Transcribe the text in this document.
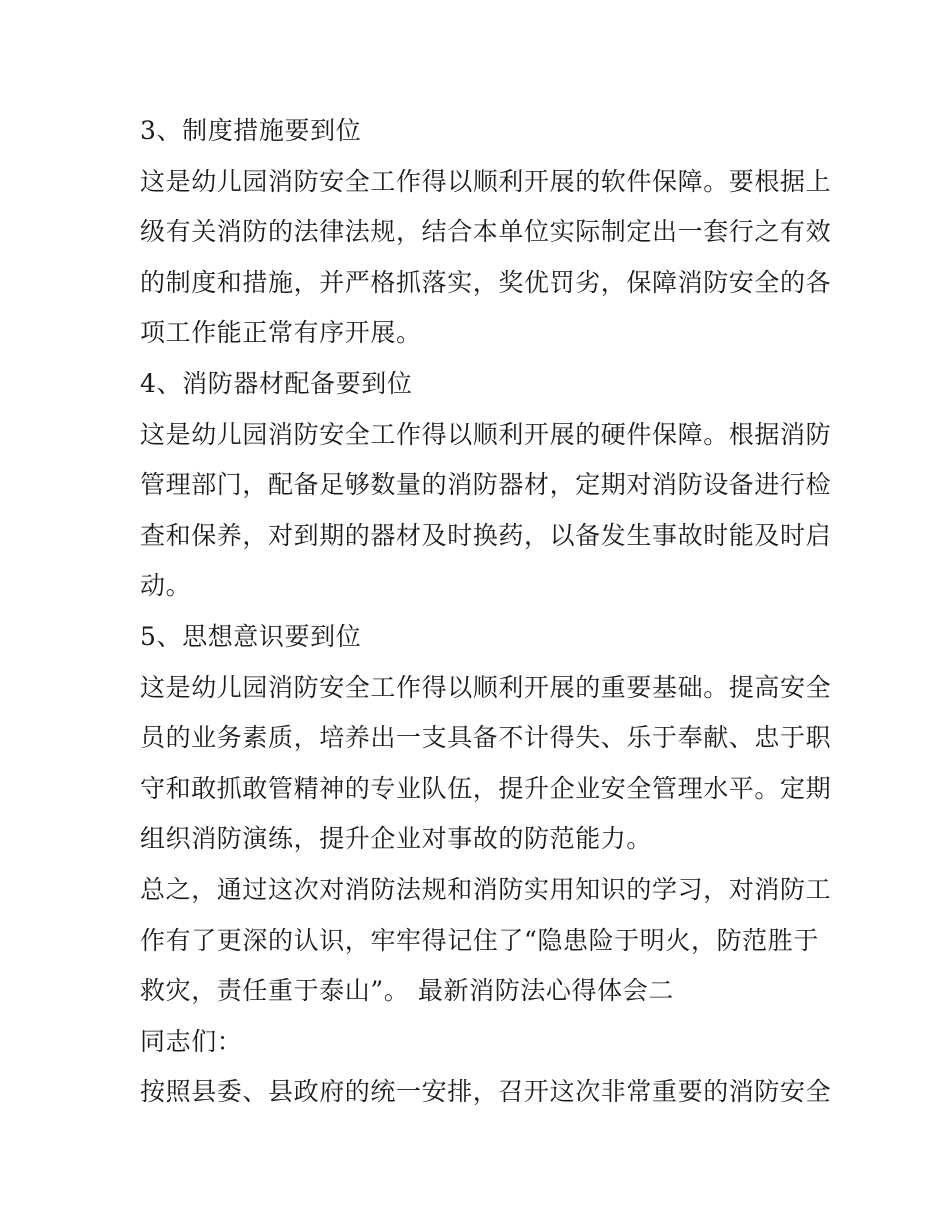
3、制度措施要到位
这是幼儿园消防安全工作得以顺利开展的软件保障。要根据上
级有关消防的法律法规，结合本单位实际制定出一套行之有效
的制度和措施，并严格抓落实，奖优罚劣，保障消防安全的各
项工作能正常有序开展。
4、消防器材配备要到位
这是幼儿园消防安全工作得以顺利开展的硬件保障。根据消防
管理部门，配备足够数量的消防器材，定期对消防设备进行检
查和保养，对到期的器材及时换药，以备发生事故时能及时启
动。
5、思想意识要到位
这是幼儿园消防安全工作得以顺利开展的重要基础。提高安全
员的业务素质，培养出一支具备不计得失、乐于奉献、忠于职
守和敢抓敢管精神的专业队伍，提升企业安全管理水平。定期
组织消防演练，提升企业对事故的防范能力。
总之，通过这次对消防法规和消防实用知识的学习，对消防工
作有了更深的认识，牢牢得记住了“隐患险于明火，防范胜于
救灾，责任重于泰山”。 最新消防法心得体会二
同志们：
按照县委、县政府的统一安排，召开这次非常重要的消防安全
